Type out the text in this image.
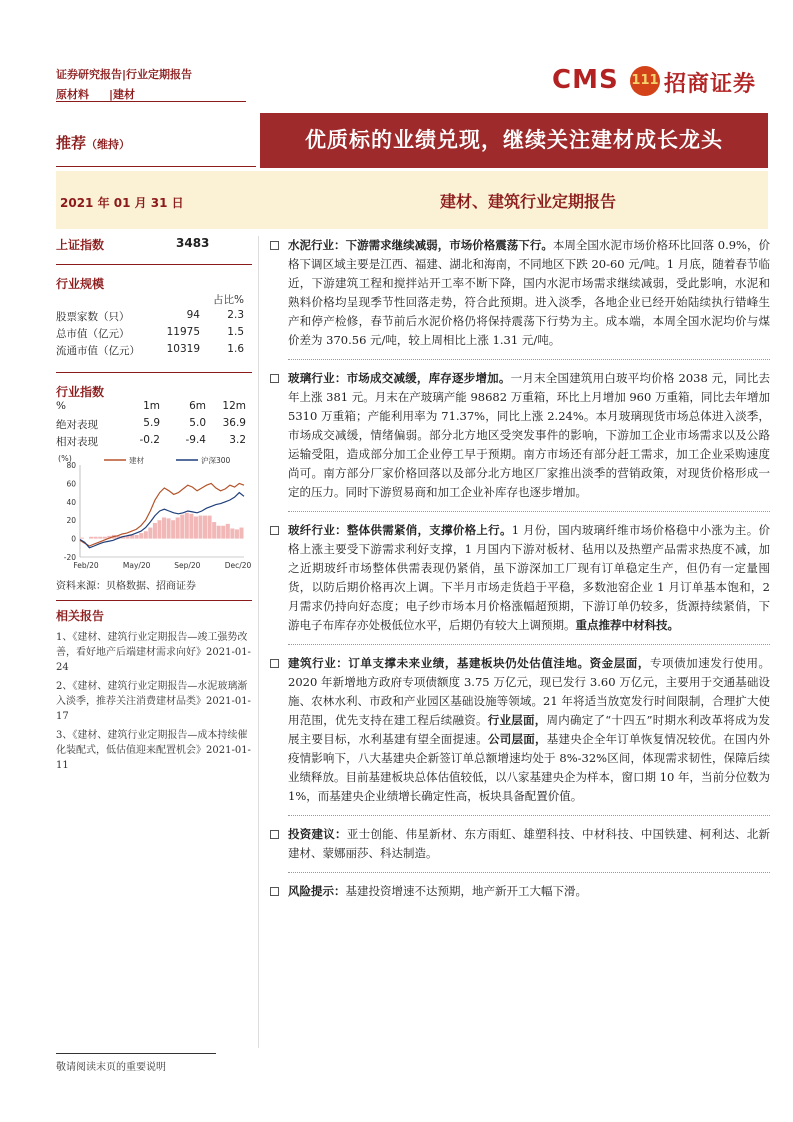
证券研究报告|行业定期报告
原材料 |建材	CMS 111 招商证券
推荐（维持）	优质标的业绩兑现，继续关注建材成长龙头
2021 年 01 月 31 日	建材、建筑行业定期报告
上证指数	3483
行业规模
占比%
股票家数（只）	94	2.3
总市值（亿元）	11975	1.5
流通市值（亿元）	10319	1.6
行业指数
%	1m	6m	12m
绝对表现	5.9	5.0	36.9
相对表现	-0.2	-9.4	3.2
(%)
80
60
40
20
0
-20
Feb/20	May/20	Sep/20	Dec/20
建材	沪深300
资料来源：贝格数据、招商证券
相关报告
1、《建材、建筑行业定期报告—竣工强势改善，看好地产后端建材需求向好》2021-01-24
2、《建材、建筑行业定期报告—水泥玻璃渐入淡季，推荐关注消费建材品类》2021-01-17
3、《建材、建筑行业定期报告—成本持续催化装配式，低估值迎来配置机会》2021-01-11
水泥行业：下游需求继续减弱，市场价格震荡下行。本周全国水泥市场价格环比回落 0.9%，价格下调区域主要是江西、福建、湖北和海南，不同地区下跌 20-60 元/吨。1 月底，随着春节临近，下游建筑工程和搅拌站开工率不断下降，国内水泥市场需求继续减弱，受此影响，水泥和熟料价格均呈现季节性回落走势，符合此预期。进入淡季，各地企业已经开始陆续执行错峰生产和停产检修，春节前后水泥价格仍将保持震荡下行势为主。成本端，本周全国水泥均价与煤价差为 370.56 元/吨，较上周相比上涨 1.31 元/吨。
玻璃行业：市场成交减缓，库存逐步增加。一月末全国建筑用白玻平均价格 2038 元，同比去年上涨 381 元。月末在产玻璃产能 98682 万重箱，环比上月增加 960 万重箱，同比去年增加 5310 万重箱；产能利用率为 71.37%，同比上涨 2.24%。本月玻璃现货市场总体进入淡季，市场成交减缓，情绪偏弱。部分北方地区受突发事件的影响，下游加工企业市场需求以及公路运输受阻，造成部分加工企业停工早于预期。南方市场还有部分赶工需求，加工企业采购速度尚可。南方部分厂家价格回落以及部分北方地区厂家推出淡季的营销政策，对现货价格形成一定的压力。同时下游贸易商和加工企业补库存也逐步增加。
玻纤行业：整体供需紧俏，支撑价格上行。1 月份，国内玻璃纤维市场价格稳中小涨为主。价格上涨主要受下游需求利好支撑，1 月国内下游对板材、毡用以及热塑产品需求热度不减，加之近期玻纤市场整体供需表现仍紧俏，虽下游深加工厂现有订单稳定生产，但仍有一定量囤货，以防后期价格再次上调。下半月市场走货趋于平稳，多数池窑企业 1 月订单基本饱和，2 月需求仍持向好态度；电子纱市场本月价格涨幅超预期，下游订单仍较多，货源持续紧俏，下游电子布库存亦处极低位水平，后期仍有较大上调预期。重点推荐中材科技。
建筑行业：订单支撑未来业绩，基建板块仍处估值洼地。资金层面，专项债加速发行使用。2020 年新增地方政府专项债额度 3.75 万亿元，现已发行 3.60 万亿元，主要用于交通基础设施、农林水利、市政和产业园区基础设施等领域。21 年将适当放宽发行时间限制，合理扩大使用范围，优先支持在建工程后续融资。行业层面，周内确定了“十四五”时期水利改革将成为发展主要目标，水利基建有望全面提速。公司层面，基建央企全年订单恢复情况较优。在国内外疫情影响下，八大基建央企新签订单总额增速均处于 8%-32%区间，体现需求韧性，保障后续业绩释放。目前基建板块总体估值较低，以八家基建央企为样本，窗口期 10 年，当前分位数为 1%，而基建央企业绩增长确定性高，板块具备配置价值。
投资建议：亚士创能、伟星新材、东方雨虹、雄塑科技、中材科技、中国铁建、柯利达、北新建材、蒙娜丽莎、科达制造。
风险提示：基建投资增速不达预期，地产新开工大幅下滑。
敬请阅读末页的重要说明
